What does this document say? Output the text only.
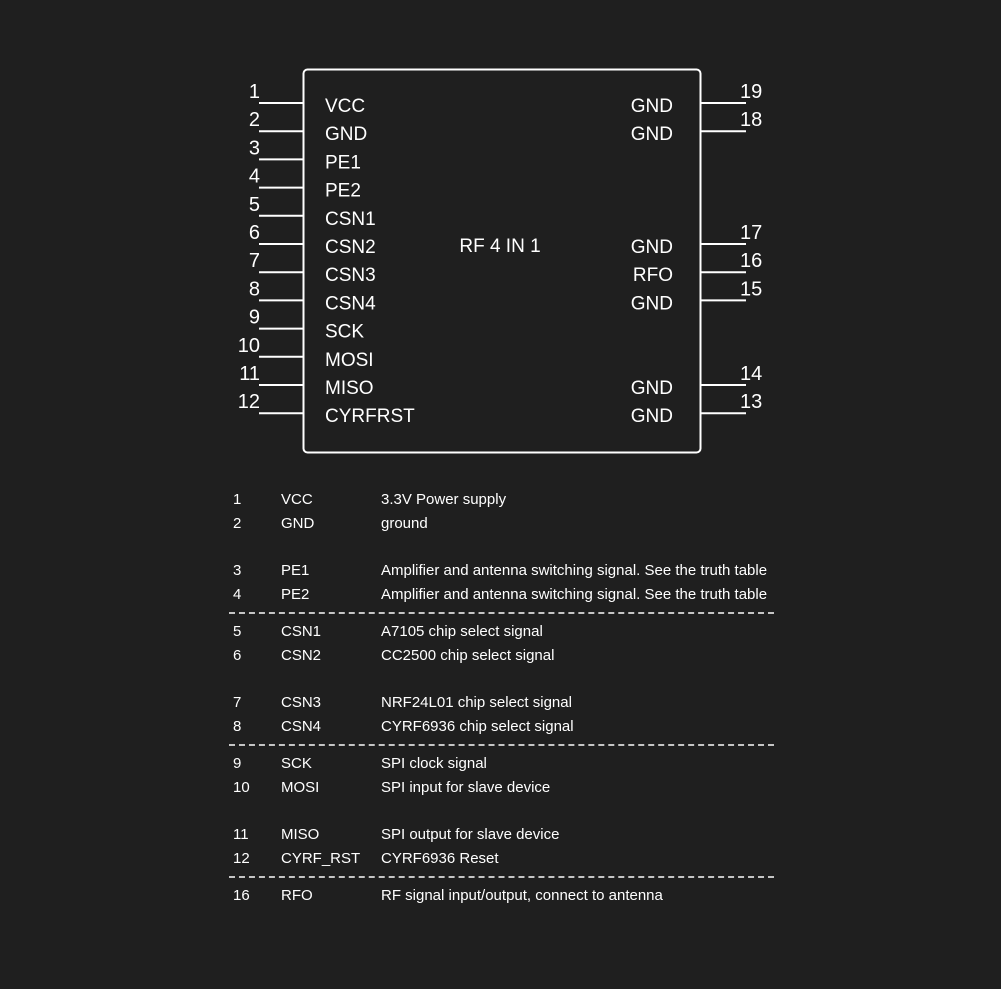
RF 4 IN 1
1
VCC
2
GND
3
PE1
4
PE2
5
CSN1
6
CSN2
7
CSN3
8
CSN4
9
SCK
10
MOSI
11
MISO
12
CYRFRST
19
GND
18
GND
17
GND
16
RFO
15
GND
14
GND
13
GND
1	VCC	3.3V Power supply
2	GND	ground
3	PE1	Amplifier and antenna switching signal. See the truth table
4	PE2	Amplifier and antenna switching signal. See the truth table
5	CSN1	A7105 chip select signal
6	CSN2	CC2500 chip select signal
7	CSN3	NRF24L01 chip select signal
8	CSN4	CYRF6936 chip select signal
9	SCK	SPI clock signal
10	MOSI	SPI input for slave device
11	MISO	SPI output for slave device
12	CYRF_RST	CYRF6936 Reset
16	RFO	RF signal input/output, connect to antenna
